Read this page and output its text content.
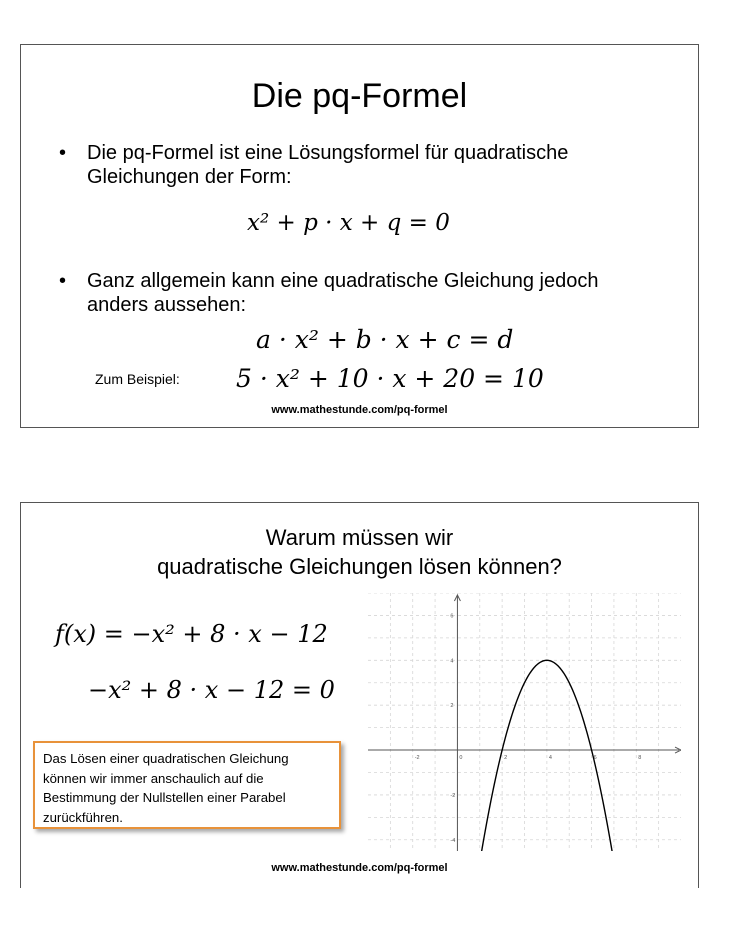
Die pq-Formel
• Die pq-Formel ist eine Lösungsformel für quadratische Gleichungen der Form:
x² + p · x + q = 0
• Ganz allgemein kann eine quadratische Gleichung jedoch anders aussehen:
a · x² + b · x + c = d
Zum Beispiel: 5 · x² + 10 · x + 20 = 10
www.mathestunde.com/pq-formel
Warum müssen wir
quadratische Gleichungen lösen können?
f(x) = −x² + 8 · x − 12
−x² + 8 · x − 12 = 0
Das Lösen einer quadratischen Gleichung können wir immer anschaulich auf die Bestimmung der Nullstellen einer Parabel zurückführen.
-2	0	2	4	6	8
6
4
2
-2
-4
www.mathestunde.com/pq-formel
